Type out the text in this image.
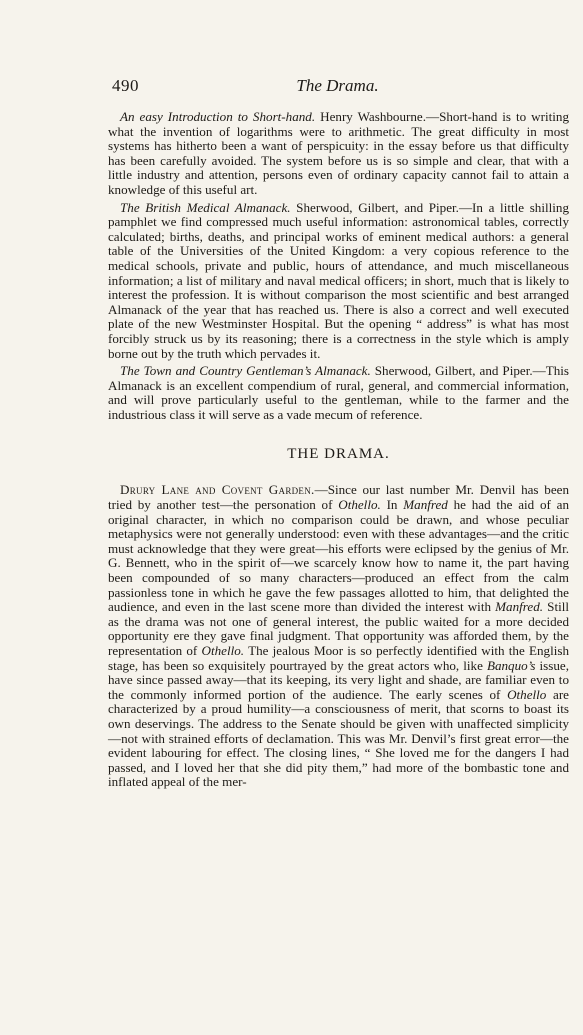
490	The Drama.

An easy Introduction to Short-hand. Henry Washbourne.—Short-hand is to writing what the invention of logarithms were to arithmetic. The great difficulty in most systems has hitherto been a want of perspicuity: in the essay before us that difficulty has been carefully avoided. The system before us is so simple and clear, that with a little industry and attention, persons even of ordinary capacity cannot fail to attain a knowledge of this useful art.

The British Medical Almanack. Sherwood, Gilbert, and Piper.—In a little shilling pamphlet we find compressed much useful information: astronomical tables, correctly calculated; births, deaths, and principal works of eminent medical authors: a general table of the Universities of the United Kingdom: a very copious reference to the medical schools, private and public, hours of attendance, and much miscellaneous information; a list of military and naval medical officers; in short, much that is likely to interest the profession. It is without comparison the most scientific and best arranged Almanack of the year that has reached us. There is also a correct and well executed plate of the new Westminster Hospital. But the opening “ address” is what has most forcibly struck us by its reasoning; there is a correctness in the style which is amply borne out by the truth which pervades it.

The Town and Country Gentleman’s Almanack. Sherwood, Gilbert, and Piper.—This Almanack is an excellent compendium of rural, general, and commercial information, and will prove particularly useful to the gentleman, while to the farmer and the industrious class it will serve as a vade mecum of reference.

THE DRAMA.

Drury Lane and Covent Garden.—Since our last number Mr. Denvil has been tried by another test—the personation of Othello. In Manfred he had the aid of an original character, in which no comparison could be drawn, and whose peculiar metaphysics were not generally understood: even with these advantages—and the critic must acknowledge that they were great—his efforts were eclipsed by the genius of Mr. G. Bennett, who in the spirit of—we scarcely know how to name it, the part having been compounded of so many characters—produced an effect from the calm passionless tone in which he gave the few passages allotted to him, that delighted the audience, and even in the last scene more than divided the interest with Manfred. Still as the drama was not one of general interest, the public waited for a more decided opportunity ere they gave final judgment. That opportunity was afforded them, by the representation of Othello. The jealous Moor is so perfectly identified with the English stage, has been so exquisitely pourtrayed by the great actors who, like Banquo’s issue, have since passed away—that its keeping, its very light and shade, are familiar even to the commonly informed portion of the audience. The early scenes of Othello are characterized by a proud humility—a consciousness of merit, that scorns to boast its own deservings. The address to the Senate should be given with unaffected simplicity—not with strained efforts of declamation. This was Mr. Denvil’s first great error—the evident labouring for effect. The closing lines, “ She loved me for the dangers I had passed, and I loved her that she did pity them,” had more of the bombastic tone and inflated appeal of the mer-
